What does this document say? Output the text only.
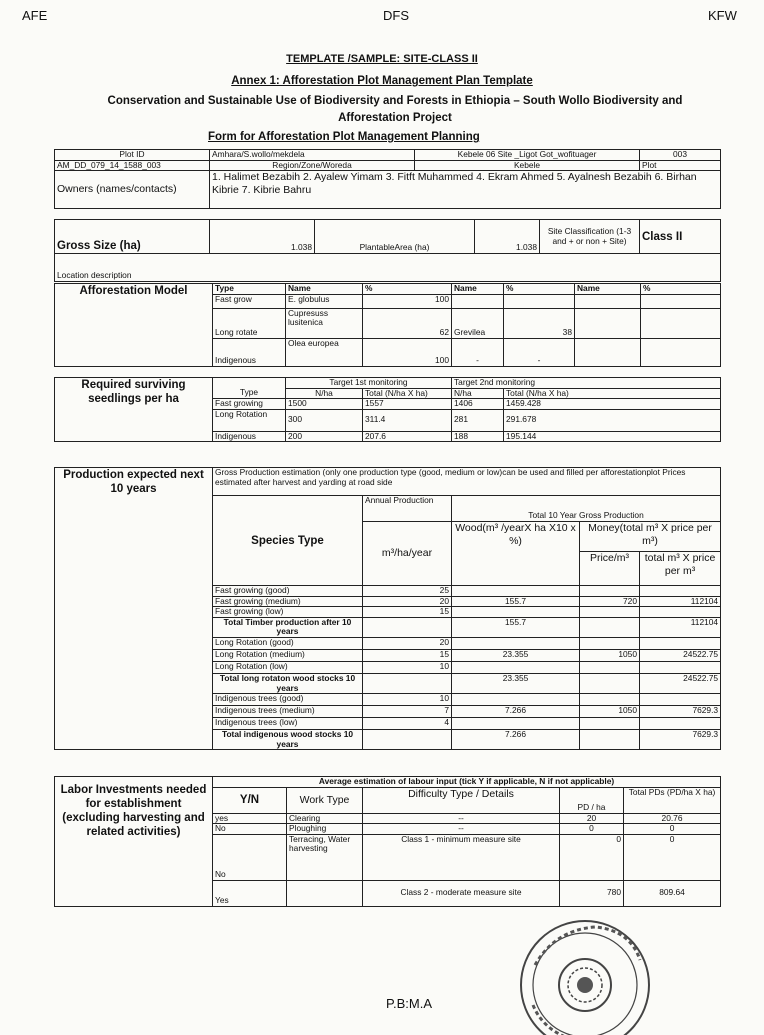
AFE	DFS	KFW
TEMPLATE /SAMPLE: SITE-CLASS II
Annex 1: Afforestation Plot Management Plan Template
Conservation and Sustainable Use of Biodiversity and Forests in Ethiopia – South Wollo Biodiversity and Afforestation Project
Form for Afforestation Plot Management Planning
Plot ID	Amhara/S.wollo/mekdela	Kebele 06 Site _Ligot Got_wofituager	003
AM_DD_079_14_1588_003	Region/Zone/Woreda	Kebele	Plot
Owners (names/contacts)	1. Halimet Bezabih 2. Ayalew Yimam 3. Fitft Muhammed 4. Ekram Ahmed 5. Ayalnesh Bezabih 6. Birhan Kibrie 7. Kibrie Bahru		
Gross Size (ha)	1.038	PlantableArea (ha)	1.038	Site Classification (1-3 and + or non + Site)	Class II
Location description
Afforestation Model	Type	Name	%	Name	%	Name	%
	Fast grow	E. globulus	100				
	Long rotate	Cupresuss lusitenica	62	Grevilea	38		
	Indigenous	Olea europea	100	-	-		
Required surviving seedlings per ha		Target 1st monitoring		Target 2nd monitoring	
	Type	N/ha	Total (N/ha X ha)	N/ha	Total (N/ha X ha)
	Fast growing	1500	1557	1406	1459.428
	Long Rotation	300	311.4	281	291.678
	Indigenous	200	207.6	188	195.144
Production expected next 10 years	Gross Production estimation (only one production type (good, medium or low)can be used and filled per afforestationplot Prices estimated after harvest and yarding at road side				
	Species Type	Annual Production	Total 10 Year Gross Production		
		m³/ha/year	Wood(m³ /yearX ha X10 x %)	Money(total m³ X price per m³)	
				Price/m³	total m³ X price per m³
	Fast growing (good)	25			
	Fast growing (medium)	20	155.7	720	112104
	Fast growing (low)	15			
	Total Timber production after 10 years		155.7		112104
	Long Rotation (good)	20			
	Long Rotation (medium)	15	23.355	1050	24522.75
	Long Rotation (low)	10			
	Total long rotaton wood stocks 10 years		23.355		24522.75
	Indigenous trees (good)	10			
	Indigenous trees (medium)	7	7.266	1050	7629.3
	Indigenous trees (low)	4			
	Total indigenous wood stocks 10 years		7.266		7629.3
Labor Investments needed for establishment (excluding harvesting and related activities)	Average estimation of labour input (tick Y if applicable, N if not applicable)				
	Y/N	Work Type	Difficulty Type / Details	PD / ha	Total PDs (PD/ha X ha)
	yes	Clearing	--	20	20.76
	No	Ploughing	--	0	0
	No	Terracing, Water harvesting	Class 1 - minimum measure site	0	0
	Yes		Class 2 - moderate measure site	780	809.64
P.B:M.A
